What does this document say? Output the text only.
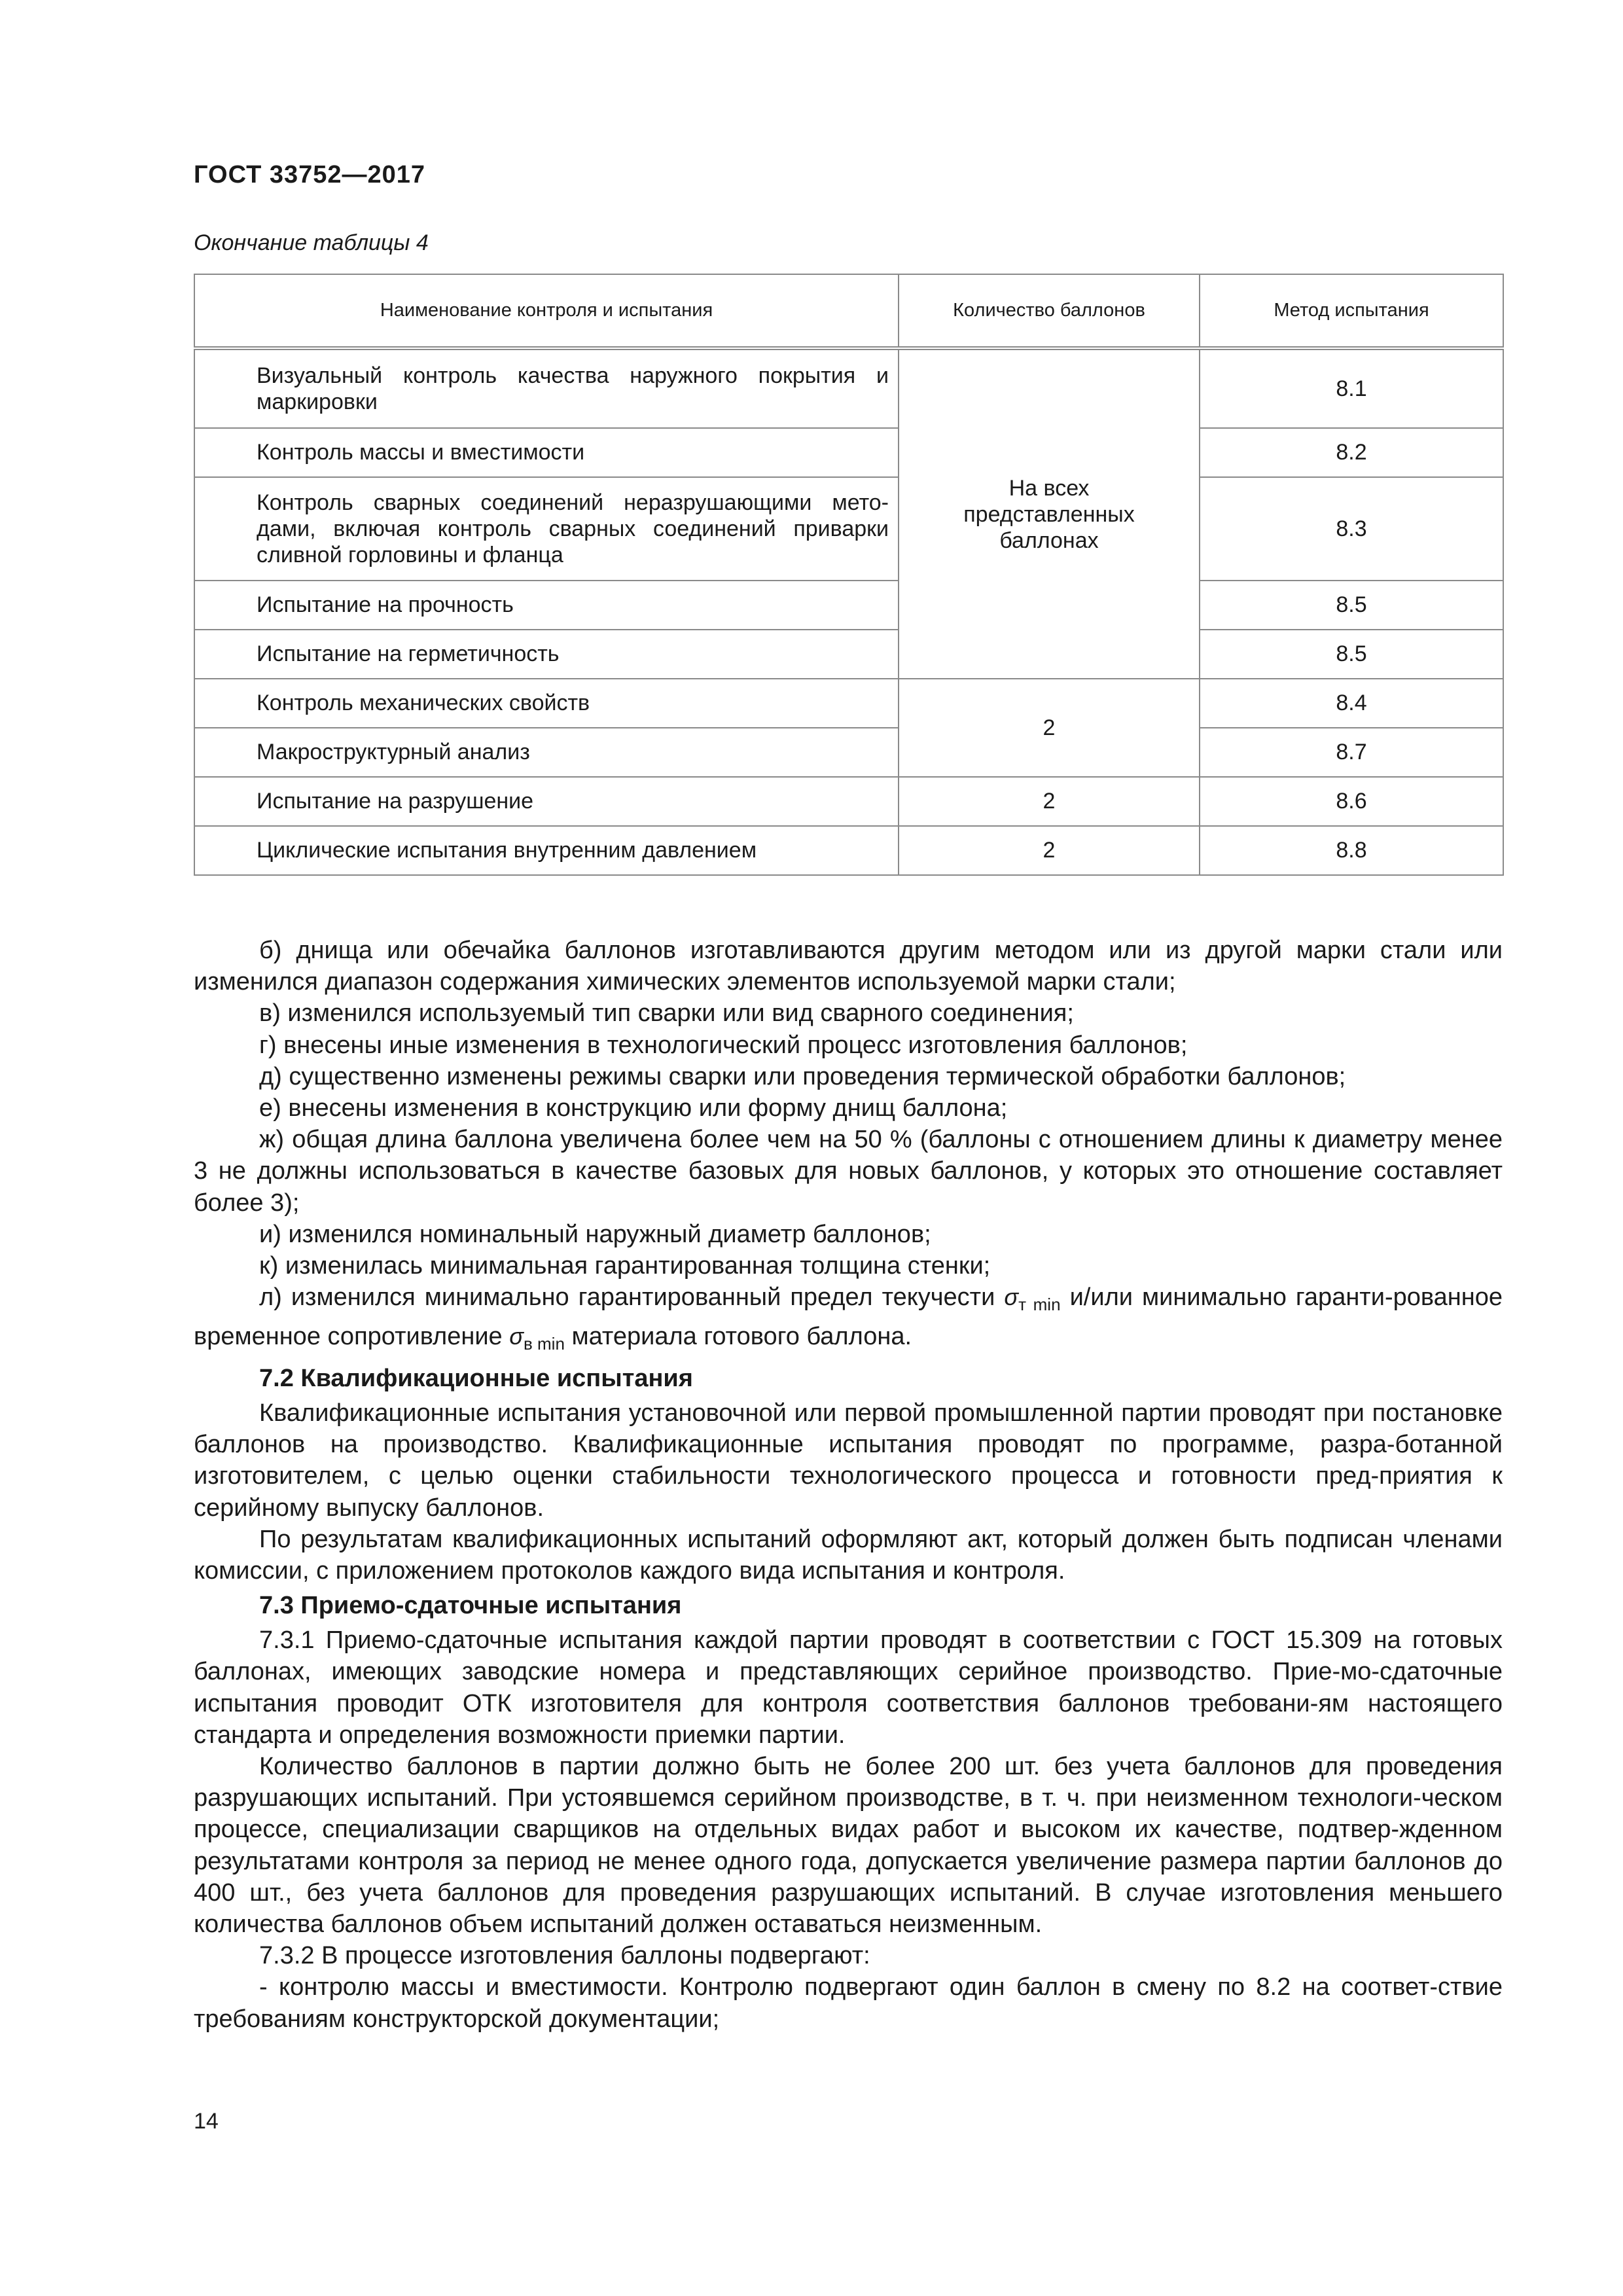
ГОСТ 33752—2017
Окончание таблицы 4
Наименование контроля и испытания	Количество баллонов	Метод испытания

Визуальный контроль качества наружного покрытия и маркировки	На всех представленных баллонах	8.1

Контроль массы и вместимости		8.2

Контроль сварных соединений неразрушающими мето-дами, включая контроль сварных соединений приварки сливной горловины и фланца		8.3

Испытание на прочность		8.5

Испытание на герметичность		8.5

Контроль механических свойств	2	8.4

Макроструктурный анализ		8.7

Испытание на разрушение	2	8.6

Циклические испытания внутренним давлением	2	8.8

б) днища или обечайка баллонов изготавливаются другим методом или из другой марки стали или изменился диапазон содержания химических элементов используемой марки стали;

в) изменился используемый тип сварки или вид сварного соединения;

г) внесены иные изменения в технологический процесс изготовления баллонов;

д) существенно изменены режимы сварки или проведения термической обработки баллонов;

е) внесены изменения в конструкцию или форму днищ баллона;

ж) общая длина баллона увеличена более чем на 50 % (баллоны с отношением длины к диаметру менее 3 не должны использоваться в качестве базовых для новых баллонов, у которых это отношение составляет более 3);

и) изменился номинальный наружный диаметр баллонов;

к) изменилась минимальная гарантированная толщина стенки;

л) изменился минимально гарантированный предел текучести $\sigma_{т min}$ и/или минимально гаранти-рованное временное сопротивление $\sigma_{в min}$ материала готового баллона.

7.2 Квалификационные испытания

Квалификационные испытания установочной или первой промышленной партии проводят при постановке баллонов на производство. Квалификационные испытания проводят по программе, разра-ботанной изготовителем, с целью оценки стабильности технологического процесса и готовности пред-приятия к серийному выпуску баллонов.

По результатам квалификационных испытаний оформляют акт, который должен быть подписан членами комиссии, с приложением протоколов каждого вида испытания и контроля.

7.3 Приемо-сдаточные испытания

7.3.1 Приемо-сдаточные испытания каждой партии проводят в соответствии с ГОСТ 15.309 на готовых баллонах, имеющих заводские номера и представляющих серийное производство. Прие-мо-сдаточные испытания проводит ОТК изготовителя для контроля соответствия баллонов требовани-ям настоящего стандарта и определения возможности приемки партии.

Количество баллонов в партии должно быть не более 200 шт. без учета баллонов для проведения разрушающих испытаний. При устоявшемся серийном производстве, в т. ч. при неизменном технологи-ческом процессе, специализации сварщиков на отдельных видах работ и высоком их качестве, подтвер-жденном результатами контроля за период не менее одного года, допускается увеличение размера партии баллонов до 400 шт., без учета баллонов для проведения разрушающих испытаний. В случае изготовления меньшего количества баллонов объем испытаний должен оставаться неизменным.

7.3.2 В процессе изготовления баллоны подвергают:

- контролю массы и вместимости. Контролю подвергают один баллон в смену по 8.2 на соответ-ствие требованиям конструкторской документации;

14
